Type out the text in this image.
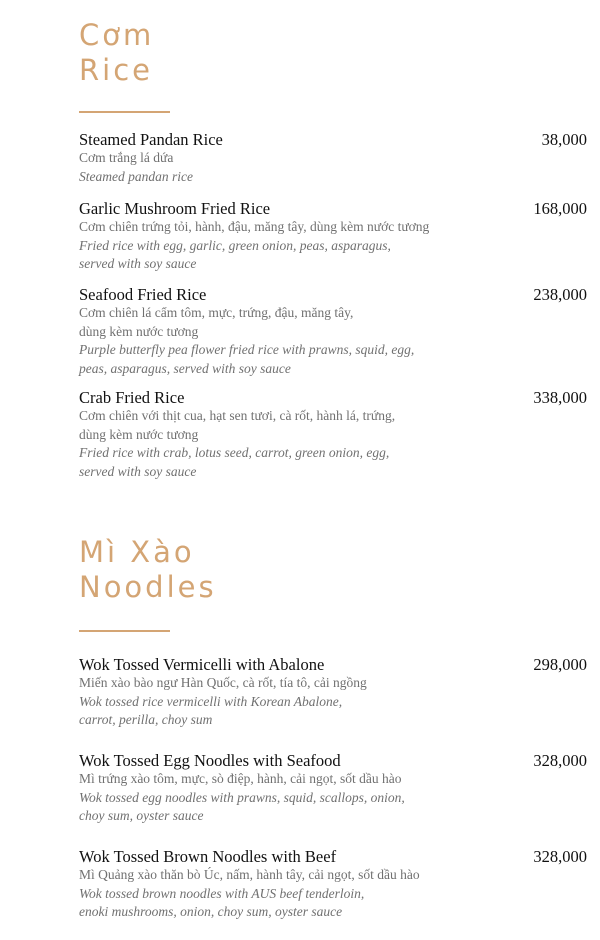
Cơm
Rice
Steamed Pandan Rice	38,000
Cơm trắng lá dứa
Steamed pandan rice
Garlic Mushroom Fried Rice	168,000
Cơm chiên trứng tỏi, hành, đậu, măng tây, dùng kèm nước tương
Fried rice with egg, garlic, green onion, peas, asparagus,
served with soy sauce
Seafood Fried Rice	238,000
Cơm chiên lá cẩm tôm, mực, trứng, đậu, măng tây,
dùng kèm nước tương
Purple butterfly pea flower fried rice with prawns, squid, egg,
peas, asparagus, served with soy sauce
Crab Fried Rice	338,000
Cơm chiên với thịt cua, hạt sen tươi, cà rốt, hành lá, trứng,
dùng kèm nước tương
Fried rice with crab, lotus seed, carrot, green onion, egg,
served with soy sauce
Mì Xào
Noodles
Wok Tossed Vermicelli with Abalone	298,000
Miến xào bào ngư Hàn Quốc, cà rốt, tía tô, cải ngồng
Wok tossed rice vermicelli with Korean Abalone,
carrot, perilla, choy sum
Wok Tossed Egg Noodles with Seafood	328,000
Mì trứng xào tôm, mực, sò điệp, hành, cải ngọt, sốt dầu hào
Wok tossed egg noodles with prawns, squid, scallops, onion,
choy sum, oyster sauce
Wok Tossed Brown Noodles with Beef	328,000
Mì Quảng xào thăn bò Úc, nấm, hành tây, cải ngọt, sốt dầu hào
Wok tossed brown noodles with AUS beef tenderloin,
enoki mushrooms, onion, choy sum, oyster sauce
